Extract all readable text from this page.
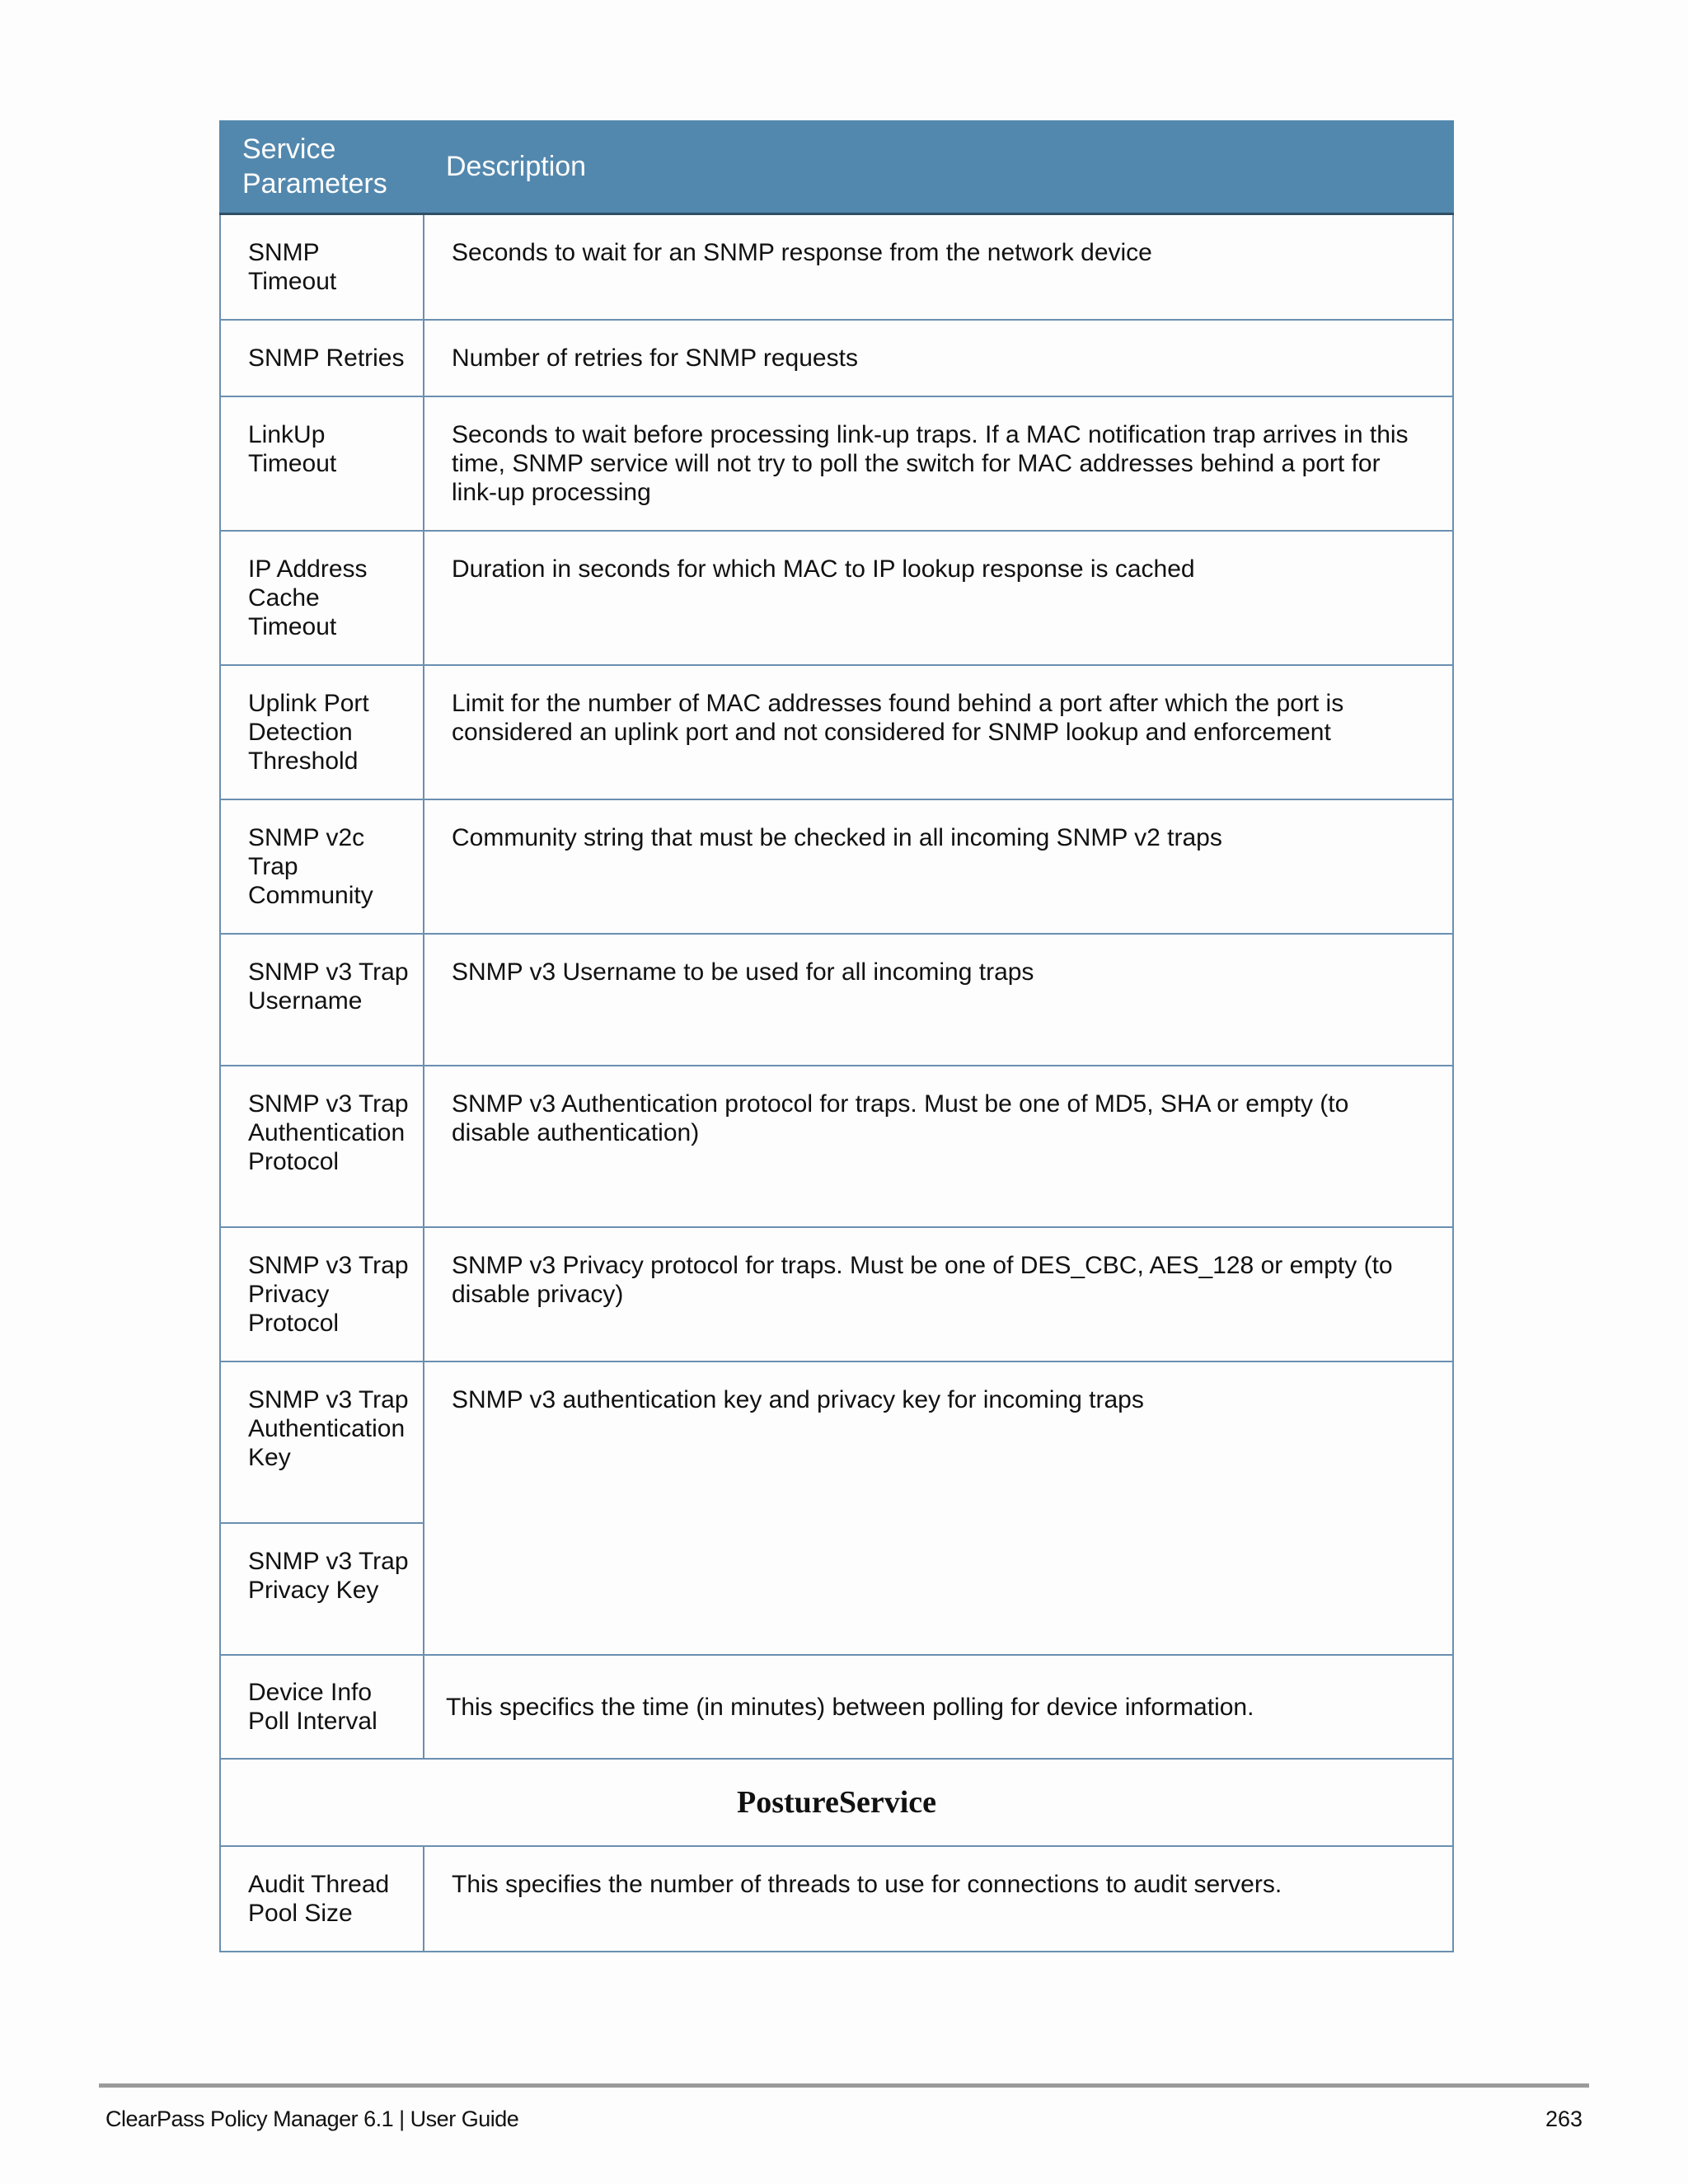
Service Parameters	Description
SNMP Timeout	Seconds to wait for an SNMP response from the network device
SNMP Retries	Number of retries for SNMP requests
LinkUp Timeout	Seconds to wait before processing link-up traps. If a MAC notification trap arrives in this time, SNMP service will not try to poll the switch for MAC addresses behind a port for link-up processing
IP Address Cache Timeout	Duration in seconds for which MAC to IP lookup response is cached
Uplink Port Detection Threshold	Limit for the number of MAC addresses found behind a port after which the port is considered an uplink port and not considered for SNMP lookup and enforcement
SNMP v2c Trap Community	Community string that must be checked in all incoming SNMP v2 traps
SNMP v3 Trap Username	SNMP v3 Username to be used for all incoming traps
SNMP v3 Trap Authentication Protocol	SNMP v3 Authentication protocol for traps. Must be one of MD5, SHA or empty (to disable authentication)
SNMP v3 Trap Privacy Protocol	SNMP v3 Privacy protocol for traps. Must be one of DES_CBC, AES_128 or empty (to disable privacy)
SNMP v3 Trap Authentication Key	SNMP v3 authentication key and privacy key for incoming traps
SNMP v3 Trap Privacy Key	
Device Info Poll Interval	This specifics the time (in minutes) between polling for device information.
PostureService	
Audit Thread Pool Size	This specifies the number of threads to use for connections to audit servers.
ClearPass Policy Manager 6.1 | User Guide	263
